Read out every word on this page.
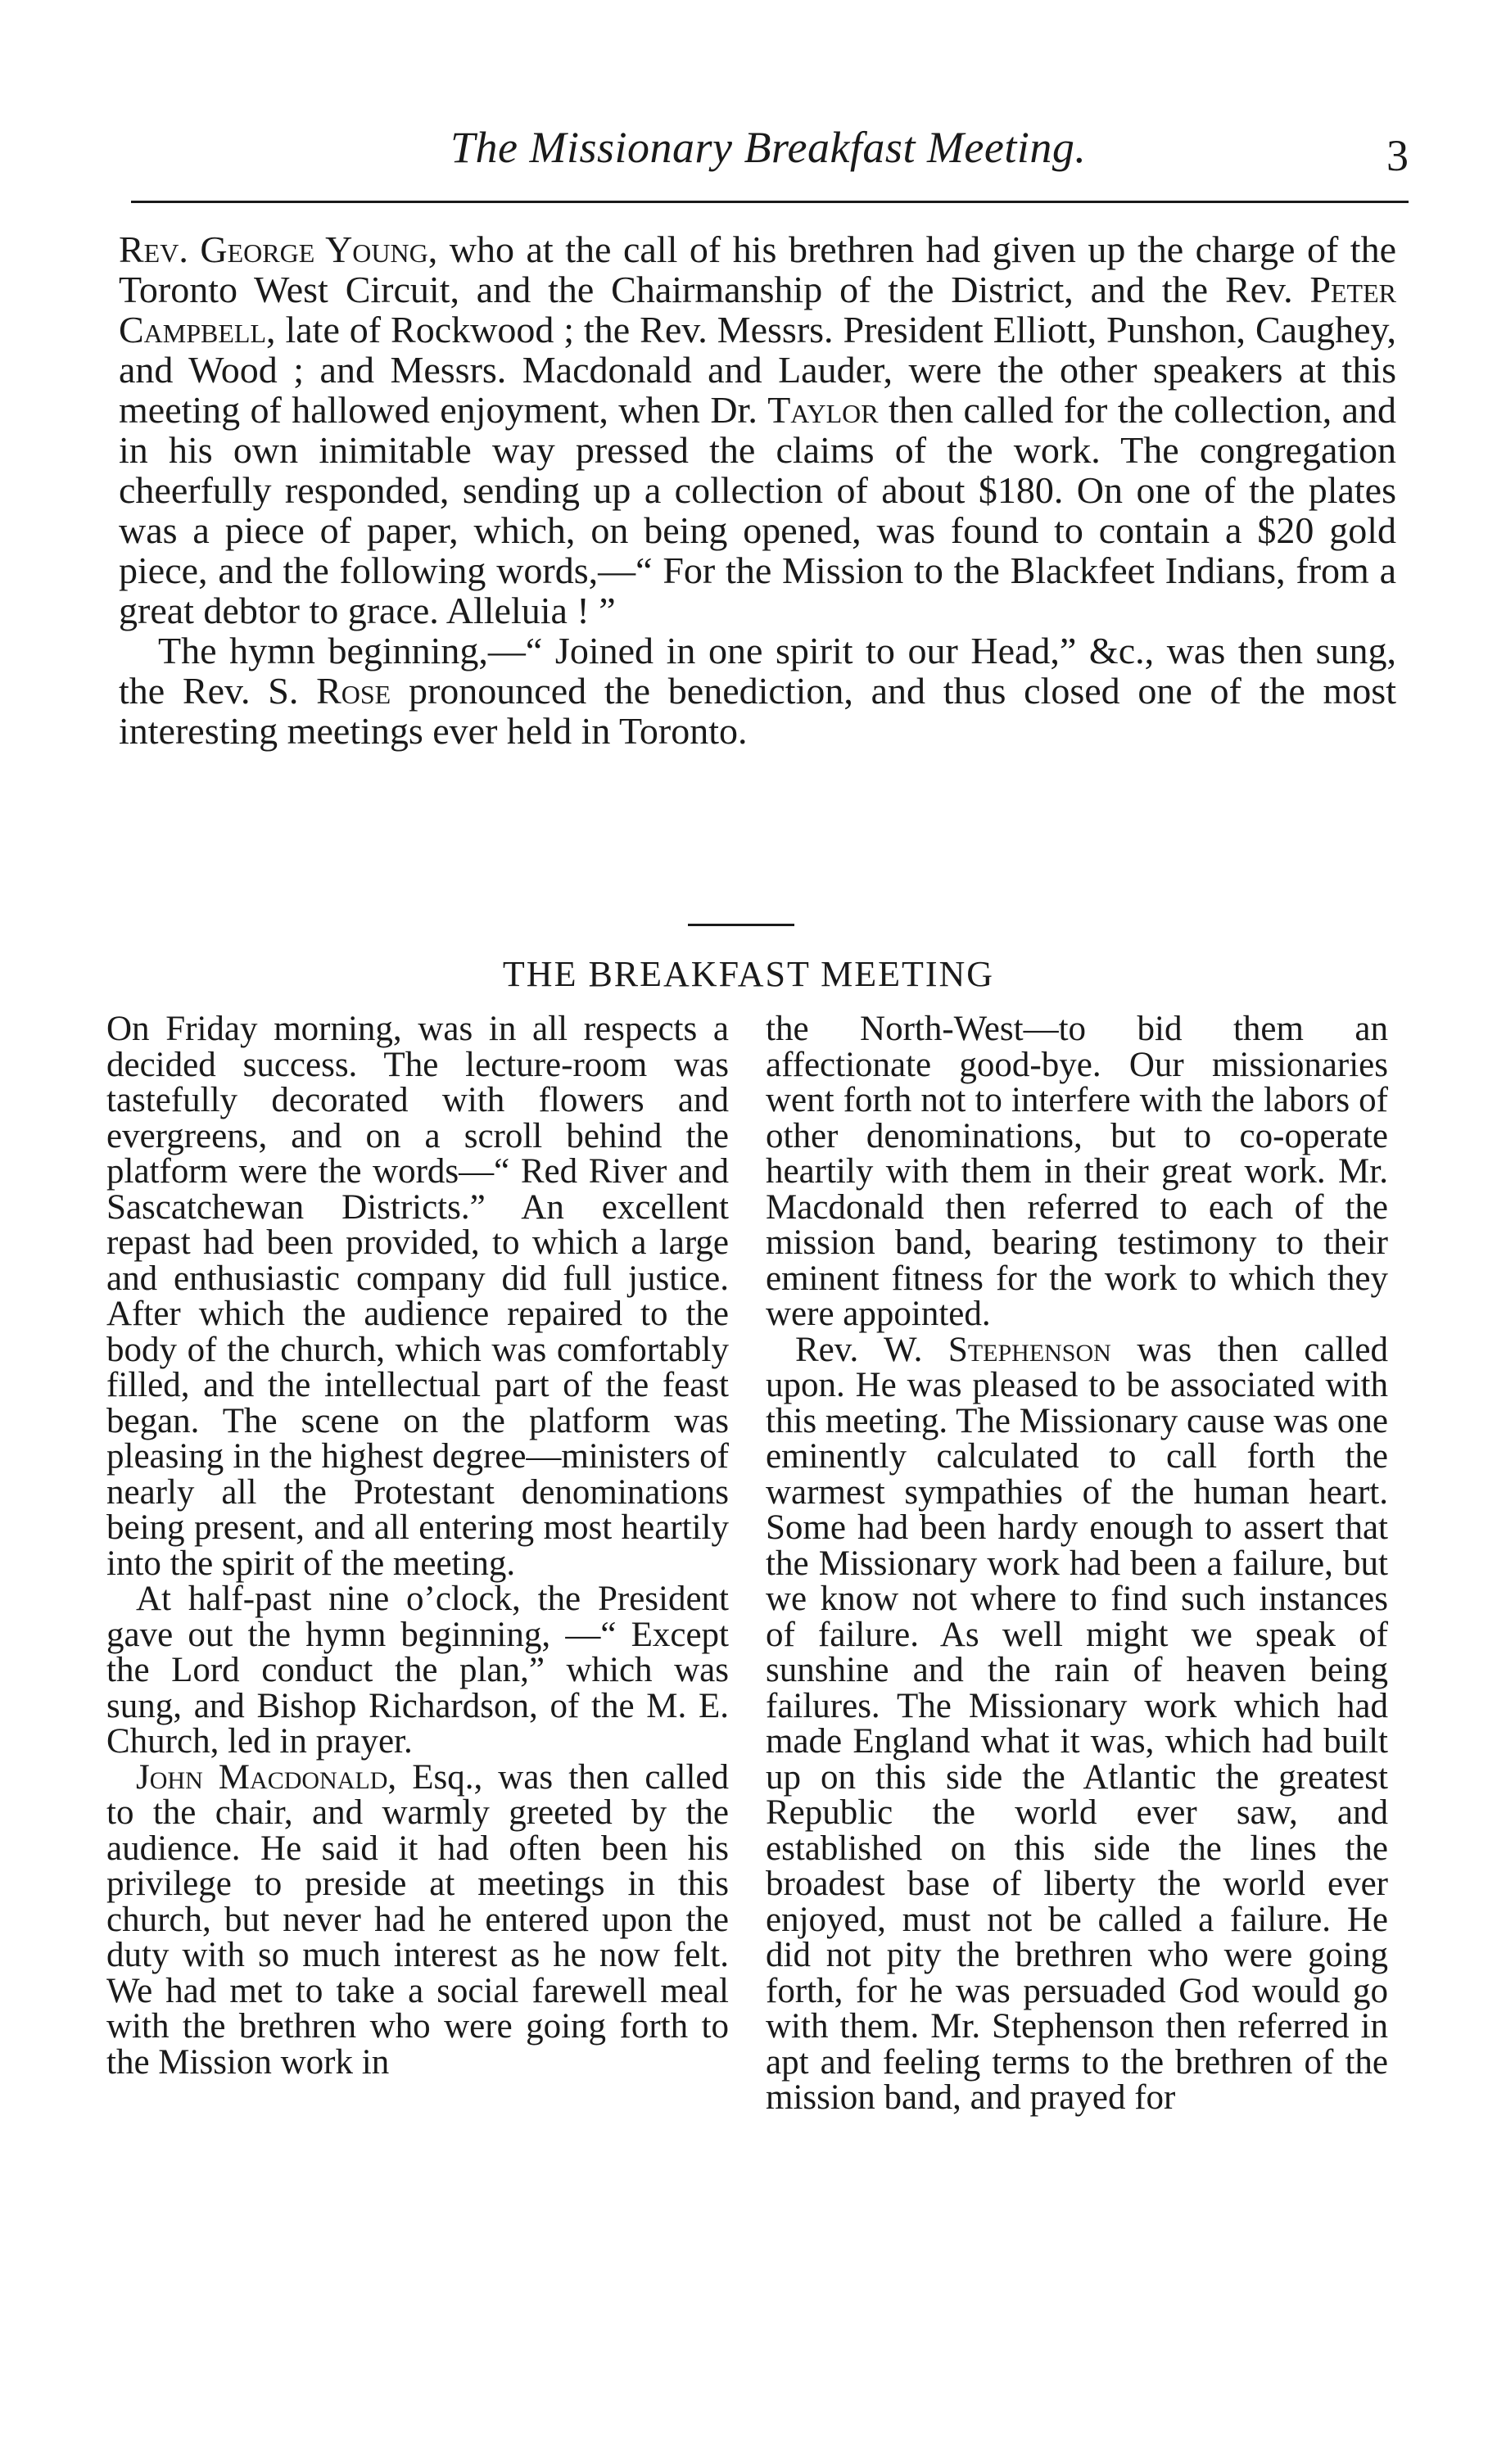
The Missionary Breakfast Meeting.	3

Rev. George Young, who at the call of his brethren had given up the charge of the Toronto West Circuit, and the Chairmanship of the District, and the Rev. Peter Campbell, late of Rockwood ; the Rev. Messrs. President Elliott, Punshon, Caughey, and Wood ; and Messrs. Macdonald and Lauder, were the other speakers at this meeting of hallowed enjoyment, when Dr. Taylor then called for the collection, and in his own inimitable way pressed the claims of the work. The congregation cheerfully responded, sending up a collection of about $180. On one of the plates was a piece of paper, which, on being opened, was found to contain a $20 gold piece, and the following words,—“ For the Mission to the Blackfeet Indians, from a great debtor to grace. Alleluia ! ”

The hymn beginning,—“ Joined in one spirit to our Head,” &c., was then sung, the Rev. S. Rose pronounced the benediction, and thus closed one of the most interesting meetings ever held in Toronto.

THE BREAKFAST MEETING

On Friday morning, was in all respects a decided success. The lecture-room was tastefully decorated with flowers and evergreens, and on a scroll behind the platform were the words—“ Red River and Sascatchewan Districts.” An excellent repast had been provided, to which a large and enthusiastic company did full justice. After which the audience repaired to the body of the church, which was comfortably filled, and the intellectual part of the feast began. The scene on the platform was pleasing in the highest degree—ministers of nearly all the Protestant denominations being present, and all entering most heartily into the spirit of the meeting.

At half-past nine o’clock, the President gave out the hymn beginning, —“ Except the Lord conduct the plan,” which was sung, and Bishop Richardson, of the M. E. Church, led in prayer.

John Macdonald, Esq., was then called to the chair, and warmly greeted by the audience. He said it had often been his privilege to preside at meetings in this church, but never had he entered upon the duty with so much interest as he now felt. We had met to take a social farewell meal with the brethren who were going forth to the Mission work in

the North-West—to bid them an affectionate good-bye. Our missionaries went forth not to interfere with the labors of other denominations, but to co-operate heartily with them in their great work. Mr. Macdonald then referred to each of the mission band, bearing testimony to their eminent fitness for the work to which they were appointed.

Rev. W. Stephenson was then called upon. He was pleased to be associated with this meeting. The Missionary cause was one eminently calculated to call forth the warmest sympathies of the human heart. Some had been hardy enough to assert that the Missionary work had been a failure, but we know not where to find such instances of failure. As well might we speak of sunshine and the rain of heaven being failures. The Missionary work which had made England what it was, which had built up on this side the Atlantic the greatest Republic the world ever saw, and established on this side the lines the broadest base of liberty the world ever enjoyed, must not be called a failure. He did not pity the brethren who were going forth, for he was persuaded God would go with them. Mr. Stephenson then referred in apt and feeling terms to the brethren of the mission band, and prayed for
